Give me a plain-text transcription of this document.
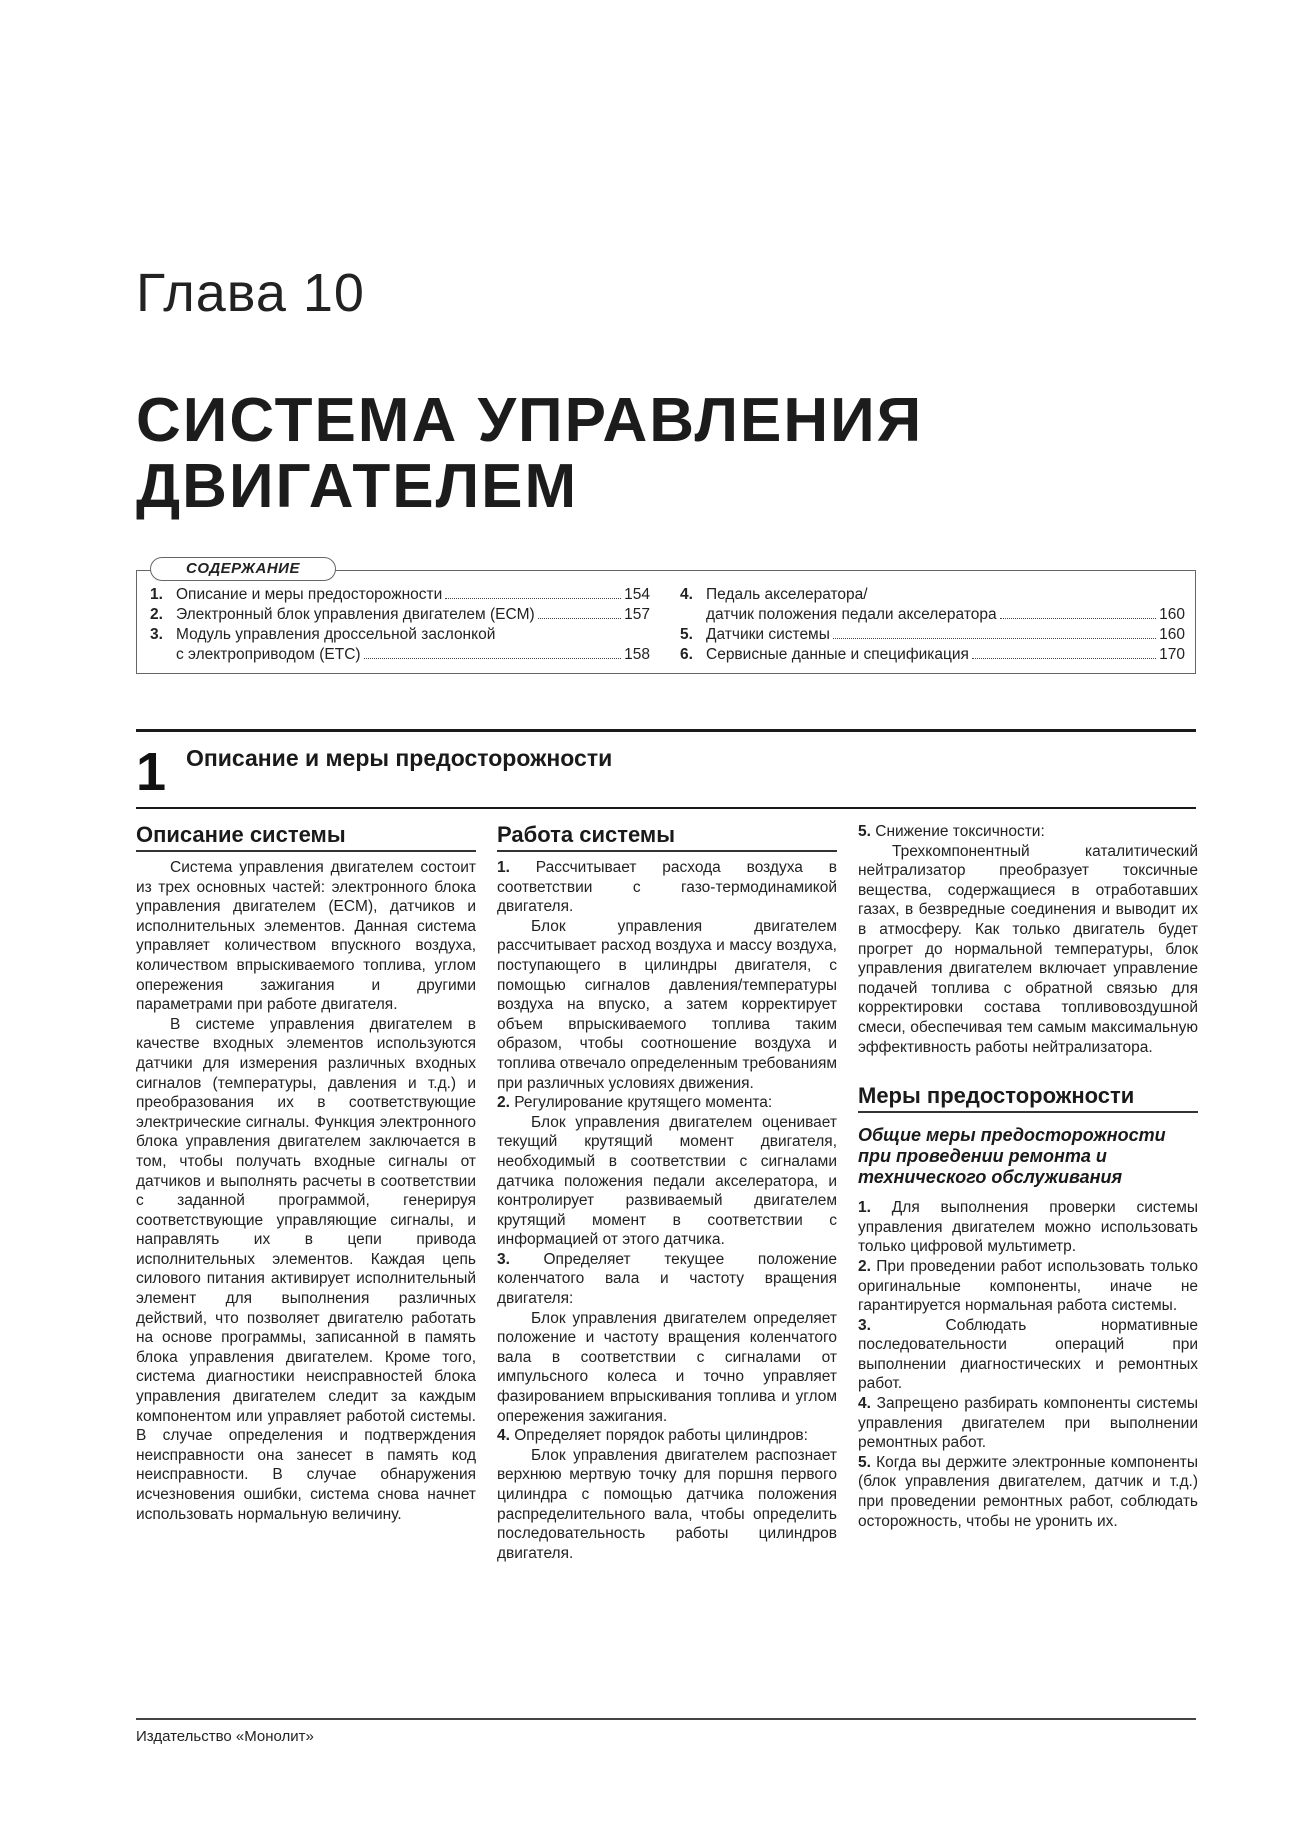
Глава 10
СИСТЕМА УПРАВЛЕНИЯ
ДВИГАТЕЛЕМ
СОДЕРЖАНИЕ
1. Описание и меры предосторожности	154
2. Электронный блок управления двигателем (ECM)	157
3. Модуль управления дроссельной заслонкой
с электроприводом (ETC)	158
4. Педаль акселератора/
датчик положения педали акселератора	160
5. Датчики системы	160
6. Сервисные данные и спецификация	170
1 Описание и меры предосторожности
Описание системы

Система управления двигателем состоит из трех основных частей: электронного блока управления двигателем (ECM), датчиков и исполнительных элементов. Данная система управляет количеством впускного воздуха, количеством впрыскиваемого топлива, углом опережения зажигания и другими параметрами при работе двигателя.

В системе управления двигателем в качестве входных элементов используются датчики для измерения различных входных сигналов (температуры, давления и т.д.) и преобразования их в соответствующие электрические сигналы. Функция электронного блока управления двигателем заключается в том, чтобы получать входные сигналы от датчиков и выполнять расчеты в соответствии с заданной программой, генерируя соответствующие управляющие сигналы, и направлять их в цепи привода исполнительных элементов. Каждая цепь силового питания активирует исполнительный элемент для выполнения различных действий, что позволяет двигателю работать на основе программы, записанной в память блока управления двигателем. Кроме того, система диагностики неисправностей блока управления двигателем следит за каждым компонентом или управляет работой системы. В случае определения и подтверждения неисправности она занесет в память код неисправности. В случае обнаружения исчезновения ошибки, система снова начнет использовать нормальную величину.

Работа системы

1. Рассчитывает расхода воздуха в соответствии с газо-термодинамикой двигателя.

Блок управления двигателем рассчитывает расход воздуха и массу воздуха, поступающего в цилиндры двигателя, с помощью сигналов давления/температуры воздуха на впуско, а затем корректирует объем впрыскиваемого топлива таким образом, чтобы соотношение воздуха и топлива отвечало определенным требованиям при различных условиях движения.

2. Регулирование крутящего момента:

Блок управления двигателем оценивает текущий крутящий момент двигателя, необходимый в соответствии с сигналами датчика положения педали акселератора, и контролирует развиваемый двигателем крутящий момент в соответствии с информацией от этого датчика.

3. Определяет текущее положение коленчатого вала и частоту вращения двигателя:

Блок управления двигателем определяет положение и частоту вращения коленчатого вала в соответствии с сигналами от импульсного колеса и точно управляет фазированием впрыскивания топлива и углом опережения зажигания.

4. Определяет порядок работы цилиндров:

Блок управления двигателем распознает верхнюю мертвую точку для поршня первого цилиндра с помощью датчика положения распределительного вала, чтобы определить последовательность работы цилиндров двигателя.

5. Снижение токсичности:

Трехкомпонентный каталитический нейтрализатор преобразует токсичные вещества, содержащиеся в отработавших газах, в безвредные соединения и выводит их в атмосферу. Как только двигатель будет прогрет до нормальной температуры, блок управления двигателем включает управление подачей топлива с обратной связью для корректировки состава топливовоздушной смеси, обеспечивая тем самым максимальную эффективность работы нейтрализатора.

Меры предосторожности
Общие меры предосторожности при проведении ремонта и технического обслуживания

1. Для выполнения проверки системы управления двигателем можно использовать только цифровой мультиметр.

2. При проведении работ использовать только оригинальные компоненты, иначе не гарантируется нормальная работа системы.

3.	Соблюдать нормативные последовательности операций при выполнении диагностических и ремонтных работ.

4. Запрещено разбирать компоненты системы управления двигателем при выполнении ремонтных работ.

5. Когда вы держите электронные компоненты (блок управления двигателем, датчик и т.д.) при проведении ремонтных работ, соблюдать осторожность, чтобы не уронить их.

Издательство «Монолит»
